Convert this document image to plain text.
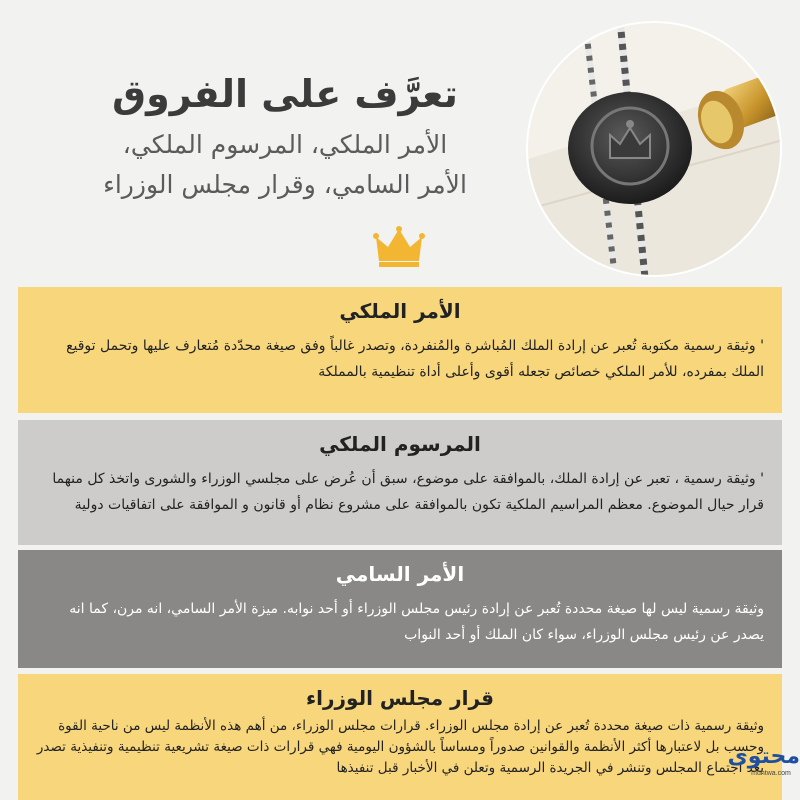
تعرَّف على الفروق
الأمر الملكي، المرسوم الملكي،
الأمر السامي، وقرار مجلس الوزراء
الأمر الملكي
' وثيقة رسمية مكتوبة تُعبر عن إرادة الملك المُباشرة والمُنفردة، وتصدر غالباً وفق صيغة محدّدة مُتعارف عليها وتحمل توقيع الملك بمفرده، للأمر الملكي خصائص تجعله أقوى وأعلى أداة تنظيمية بالمملكة
المرسوم الملكي
' وثيقة رسمية ، تعبر عن إرادة الملك، بالموافقة على موضوع، سبق أن عُرض على مجلسي الوزراء والشورى واتخذ كل منهما قرار حيال الموضوع. معظم المراسيم الملكية تكون بالموافقة على مشروع نظام أو قانون و الموافقة على اتفاقيات دولية
الأمر السامي
وثيقة رسمية ليس لها صيغة محددة تُعبر عن إرادة رئيس مجلس الوزراء أو أحد نوابه. ميزة الأمر السامي، انه مرن، كما انه يصدر عن رئيس مجلس الوزراء، سواء كان الملك أو أحد النواب
قرار مجلس الوزراء
وثيقة رسمية ذات صيغة محددة تُعبر عن إرادة مجلس الوزراء. قرارات مجلس الوزراء، من أهم هذه الأنظمة ليس من ناحية القوة وحسب بل لاعتبارها أكثر الأنظمة والقوانين صدوراً ومساساً بالشؤون اليومية فهي قرارات ذات صيغة تشريعية تنظيمية وتنفيذية تصدر بعد اجتماع المجلس وتنشر في الجريدة الرسمية وتعلن في الأخبار قبل تنفيذها
محتوى
muhtwa.com
